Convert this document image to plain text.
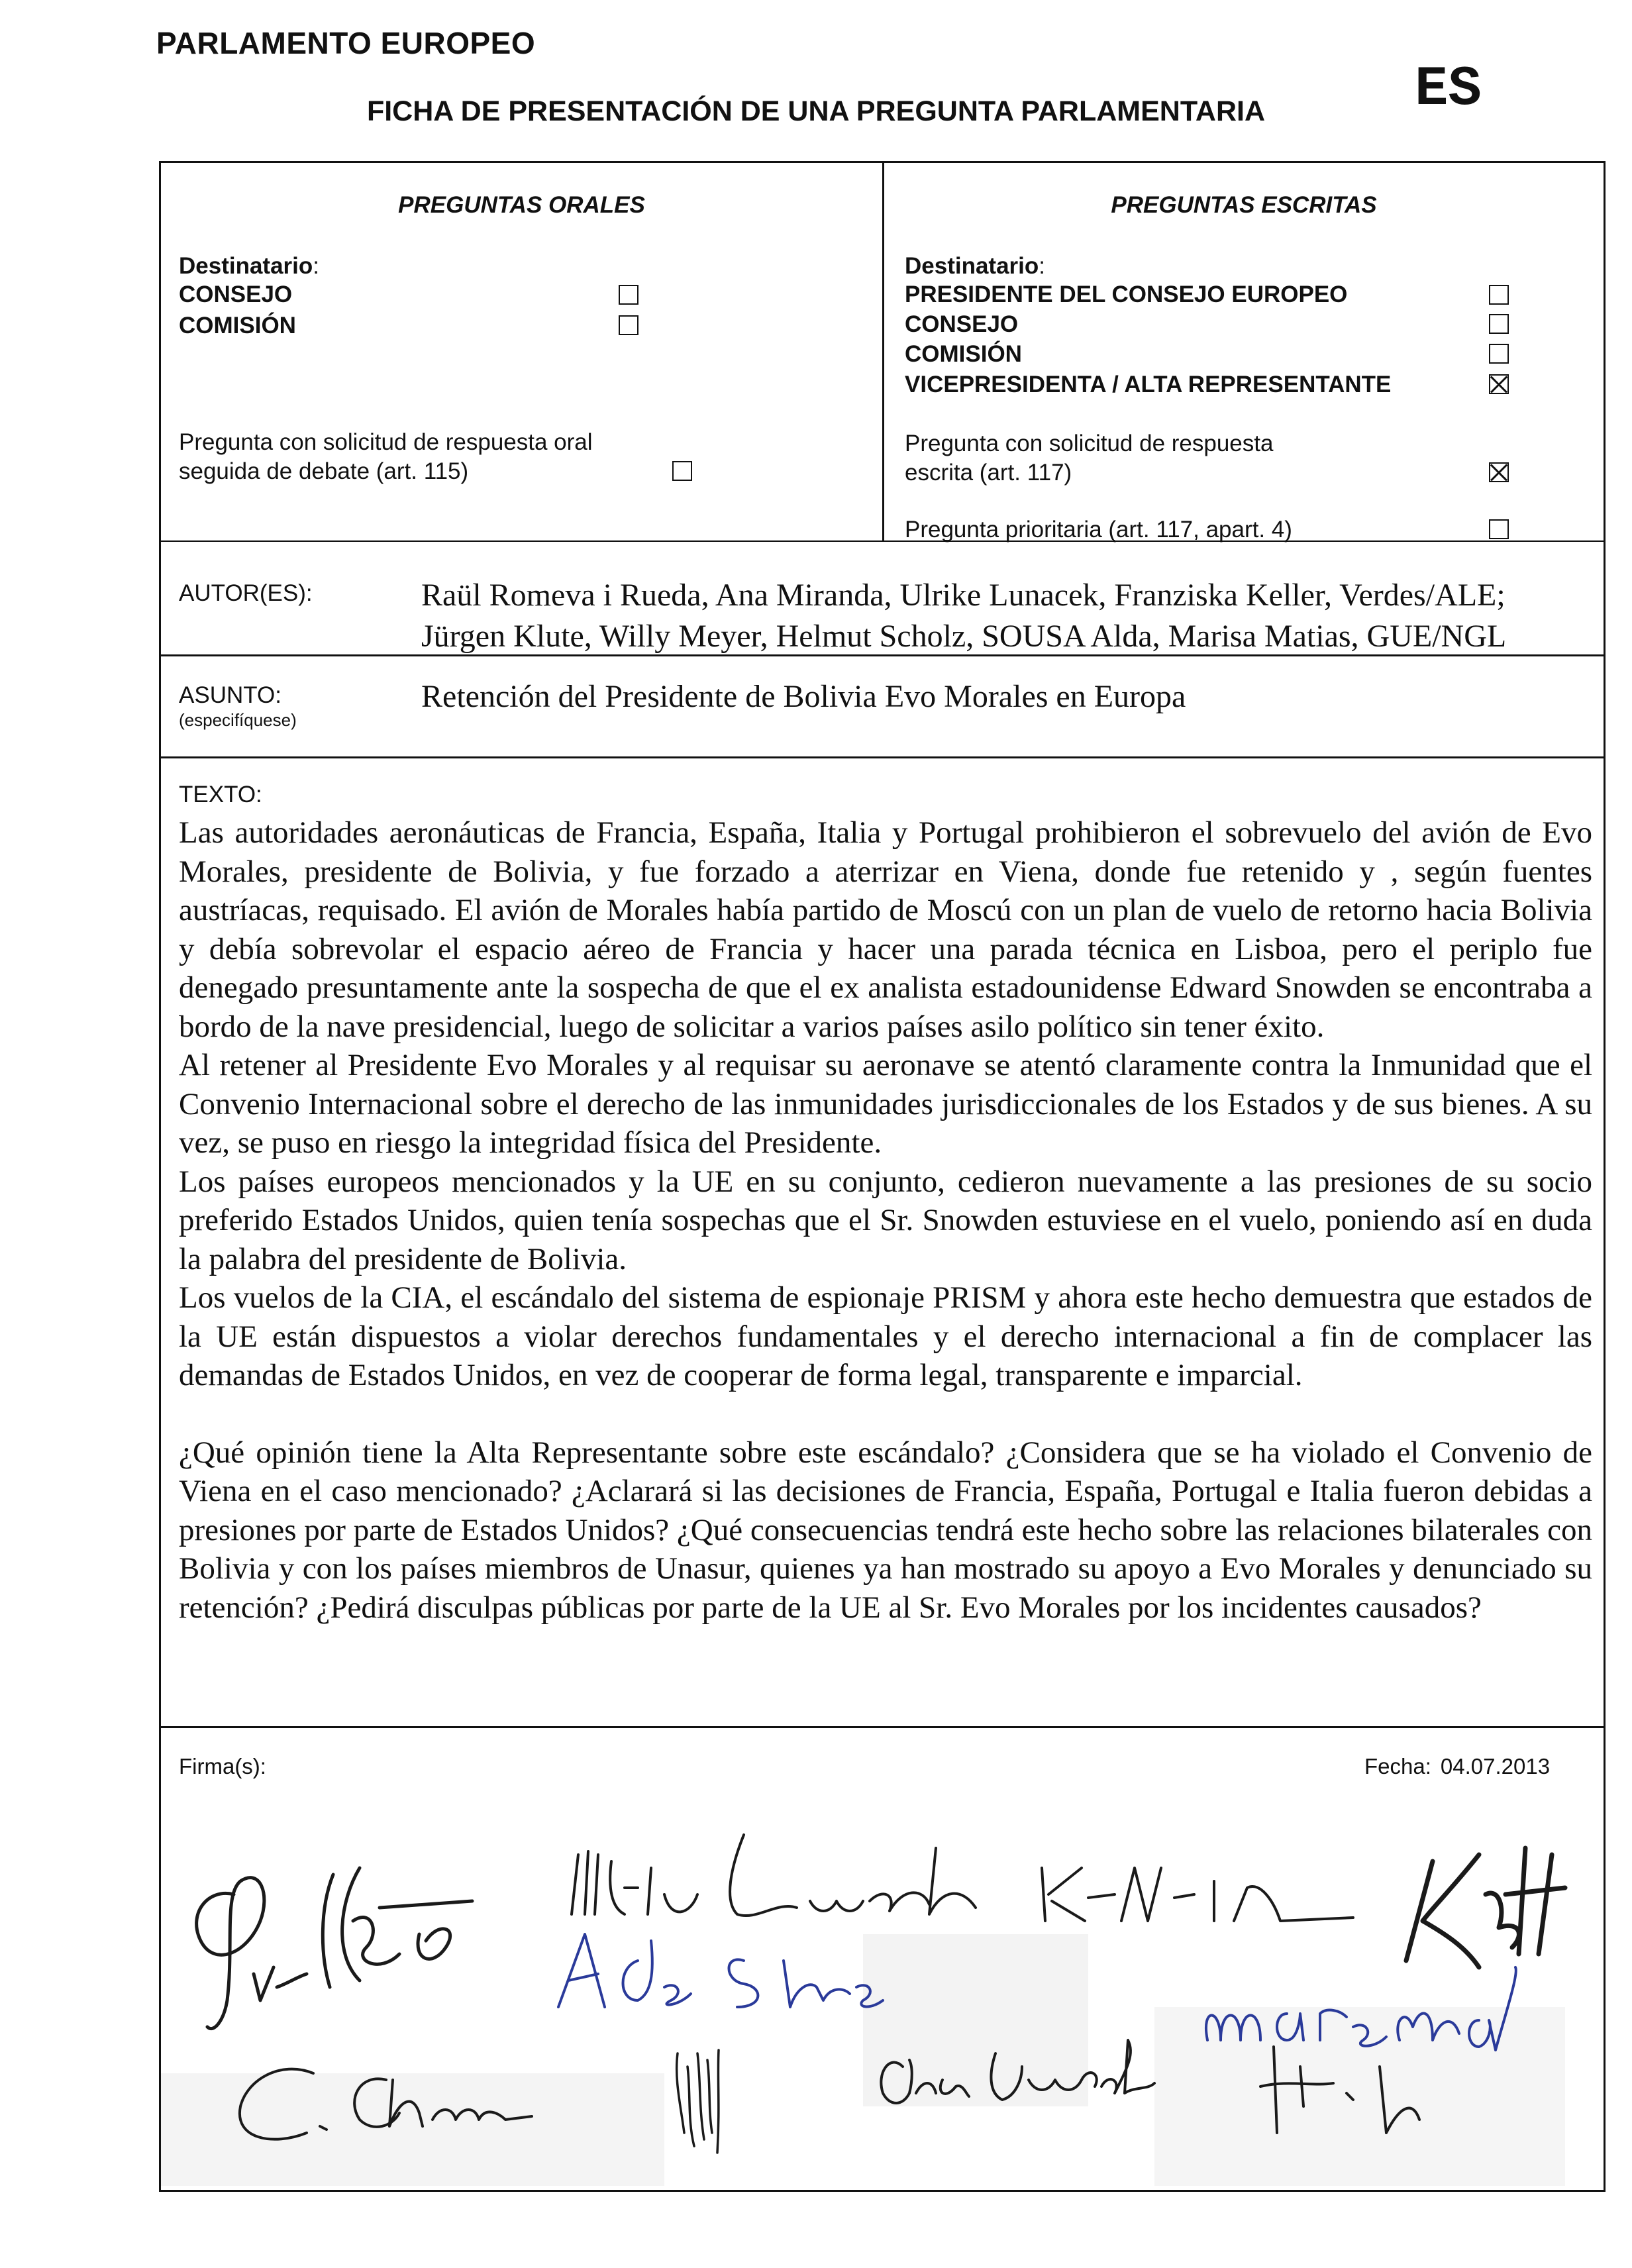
PARLAMENTO EUROPEO
ES
FICHA DE PRESENTACIÓN DE UNA PREGUNTA PARLAMENTARIA
PREGUNTAS ORALES
Destinatario:
CONSEJO
COMISIÓN
Pregunta con solicitud de respuesta oral
seguida de debate (art. 115)
PREGUNTAS ESCRITAS
Destinatario:
PRESIDENTE DEL CONSEJO EUROPEO
CONSEJO
COMISIÓN
VICEPRESIDENTA / ALTA REPRESENTANTE
Pregunta con solicitud de respuesta
escrita (art. 117)
Pregunta prioritaria (art. 117, apart. 4)
AUTOR(ES):	Raül Romeva i Rueda, Ana Miranda, Ulrike Lunacek, Franziska Keller, Verdes/ALE;
Jürgen Klute, Willy Meyer, Helmut Scholz, SOUSA Alda, Marisa Matias, GUE/NGL
ASUNTO:
(especifíquese)
Retención del Presidente de Bolivia Evo Morales en Europa
TEXTO:

Las autoridades aeronáuticas de Francia, España, Italia y Portugal prohibieron el sobrevuelo del avión de Evo Morales, presidente de Bolivia, y fue forzado a aterrizar en Viena, donde fue retenido y , según fuentes austríacas, requisado. El avión de Morales había partido de Moscú con un plan de vuelo de retorno hacia Bolivia y debía sobrevolar el espacio aéreo de Francia y hacer una parada técnica en Lisboa, pero el periplo fue denegado presuntamente ante la sospecha de que el ex analista estadounidense Edward Snowden se encontraba a bordo de la nave presidencial, luego de solicitar a varios países asilo político sin tener éxito.

Al retener al Presidente Evo Morales y al requisar su aeronave se atentó claramente contra la Inmunidad que el Convenio Internacional sobre el derecho de las inmunidades jurisdiccionales de los Estados y de sus bienes. A su vez, se puso en riesgo la integridad física del Presidente.

Los países europeos mencionados y la UE en su conjunto, cedieron nuevamente a las presiones de su socio preferido Estados Unidos, quien tenía sospechas que el Sr. Snowden estuviese en el vuelo, poniendo así en duda la palabra del presidente de Bolivia.

Los vuelos de la CIA, el escándalo del sistema de espionaje PRISM y ahora este hecho demuestra que estados de la UE están dispuestos a violar derechos fundamentales y el derecho internacional a fin de complacer las demandas de Estados Unidos, en vez de cooperar de forma legal, transparente e imparcial.

¿Qué opinión tiene la Alta Representante sobre este escándalo? ¿Considera que se ha violado el Convenio de Viena en el caso mencionado? ¿Aclarará si las decisiones de Francia, España, Portugal e Italia fueron debidas a presiones por parte de Estados Unidos? ¿Qué consecuencias tendrá este hecho sobre las relaciones bilaterales con Bolivia y con los países miembros de Unasur, quienes ya han mostrado su apoyo a Evo Morales y denunciado su retención? ¿Pedirá disculpas públicas por parte de la UE al Sr. Evo Morales por los incidentes causados?

Firma(s):	Fecha: 04.07.2013
